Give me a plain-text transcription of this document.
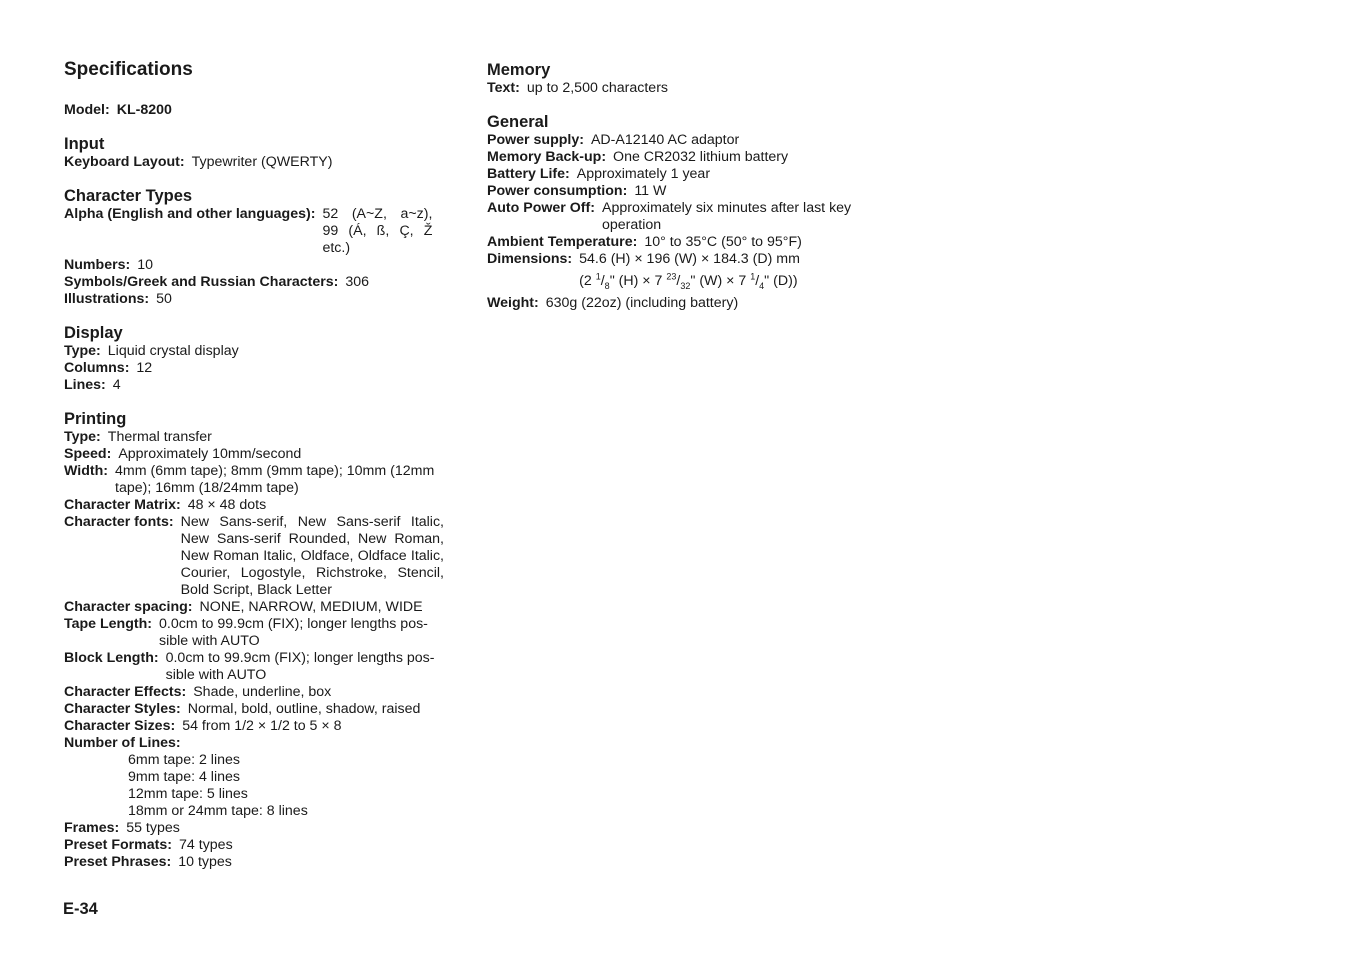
Specifications
Model: KL-8200
Input
Keyboard Layout: Typewriter (QWERTY)
Character Types
Alpha (English and other languages): 52 (A~Z, a~z), 99 (Á, ß, Ç, Ž etc.)
Numbers: 10
Symbols/Greek and Russian Characters: 306
Illustrations: 50
Display
Type: Liquid crystal display
Columns: 12
Lines: 4
Printing
Type: Thermal transfer
Speed: Approximately 10mm/second
Width: 4mm (6mm tape); 8mm (9mm tape); 10mm (12mm tape); 16mm (18/24mm tape)
Character Matrix: 48 × 48 dots
Character fonts: New Sans-serif, New Sans-serif Italic, New Sans-serif Rounded, New Roman, New Roman Italic, Oldface, Oldface Italic, Courier, Logostyle, Richstroke, Stencil, Bold Script, Black Letter
Character spacing: NONE, NARROW, MEDIUM, WIDE
Tape Length: 0.0cm to 99.9cm (FIX); longer lengths pos-sible with AUTO
Block Length: 0.0cm to 99.9cm (FIX); longer lengths pos-sible with AUTO
Character Effects: Shade, underline, box
Character Styles: Normal, bold, outline, shadow, raised
Character Sizes: 54 from 1/2 × 1/2 to 5 × 8
Number of Lines:
6mm tape: 2 lines
9mm tape: 4 lines
12mm tape: 5 lines
18mm or 24mm tape: 8 lines
Frames: 55 types
Preset Formats: 74 types
Preset Phrases: 10 types
Memory
Text: up to 2,500 characters
General
Power supply: AD-A12140 AC adaptor
Memory Back-up: One CR2032 lithium battery
Battery Life: Approximately 1 year
Power consumption: 11 W
Auto Power Off: Approximately six minutes after last key operation
Ambient Temperature: 10° to 35°C (50° to 95°F)
Dimensions: 54.6 (H) × 196 (W) × 184.3 (D) mm
(2 $^1/_8$" (H) × 7 $^{23}/_{32}$" (W) × 7 $^1/_4$" (D))
Weight: 630g (22oz) (including battery)
E-34
